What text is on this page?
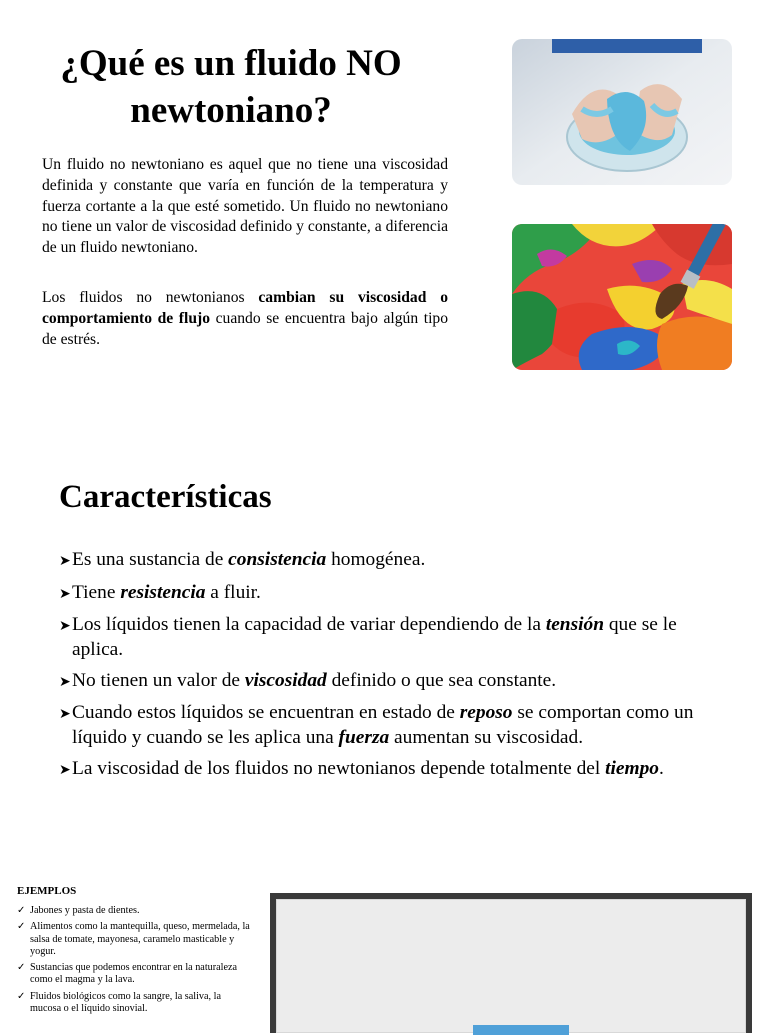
¿Qué es un fluido NO newtoniano?

Un fluido no newtoniano es aquel que no tiene una viscosidad definida y constante que varía en función de la temperatura y fuerza cortante a la que esté sometido. Un fluido no newtoniano no tiene un valor de viscosidad definido y constante, a diferencia de un fluido newtoniano.

Los fluidos no newtonianos cambian su viscosidad o comportamiento de flujo cuando se encuentra bajo algún tipo de estrés.

Características
➤Es una sustancia de consistencia homogénea.
➤Tiene resistencia a fluir.
➤Los líquidos tienen la capacidad de variar dependiendo de la tensión que se le aplica.
➤No tienen un valor de viscosidad definido o que sea constante.
➤Cuando estos líquidos se encuentran en estado de reposo se comportan como un líquido y cuando se les aplica una fuerza aumentan su viscosidad.
➤La viscosidad de los fluidos no newtonianos depende totalmente del tiempo.
EJEMPLOS
✓ Jabones y pasta de dientes.
✓ Alimentos como la mantequilla, queso, mermelada, la salsa de tomate, mayonesa, caramelo masticable y yogur.
✓ Sustancias que podemos encontrar en la naturaleza como el magma y la lava.
✓ Fluidos biológicos como la sangre, la saliva, la mucosa o el líquido sinovial.
